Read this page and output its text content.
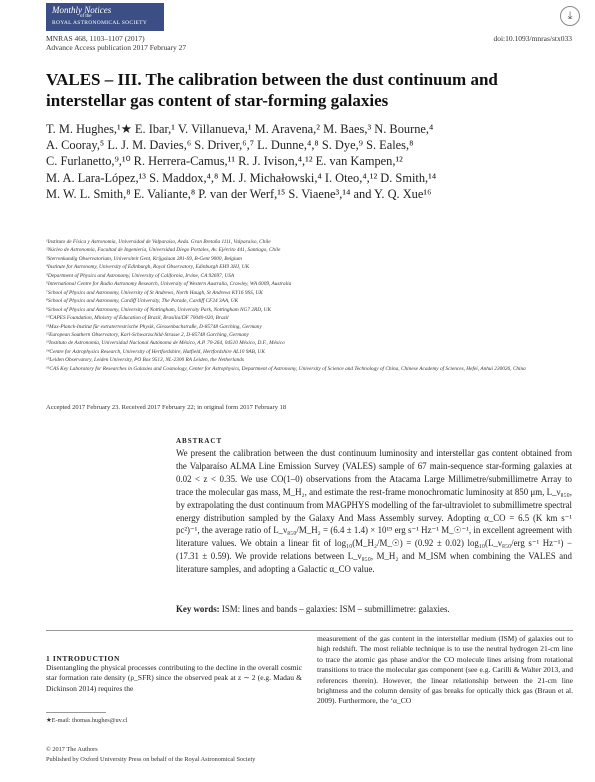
Monthly Notices
of the
ROYAL ASTRONOMICAL SOCIETY
⤓
MNRAS 468, 1103–1107 (2017)
Advance Access publication 2017 February 27
doi:10.1093/mnras/stx033
VALES – III. The calibration between the dust continuum and interstellar gas content of star-forming galaxies
T. M. Hughes,¹★ E. Ibar,¹ V. Villanueva,¹ M. Aravena,² M. Baes,³ N. Bourne,⁴
A. Cooray,⁵ L. J. M. Davies,⁶ S. Driver,⁶,⁷ L. Dunne,⁴,⁸ S. Dye,⁹ S. Eales,⁸
C. Furlanetto,⁹,¹⁰ R. Herrera-Camus,¹¹ R. J. Ivison,⁴,¹² E. van Kampen,¹²
M. A. Lara-López,¹³ S. Maddox,⁴,⁸ M. J. Michałowski,⁴ I. Oteo,⁴,¹² D. Smith,¹⁴
M. W. L. Smith,⁸ E. Valiante,⁸ P. van der Werf,¹⁵ S. Viaene³,¹⁴ and Y. Q. Xue¹⁶
¹Instituto de Física y Astronomía, Universidad de Valparaíso, Avda. Gran Bretaña 1111, Valparaíso, Chile
²Núcleo de Astronomía, Facultad de Ingeniería, Universidad Diego Portales, Av. Ejército 441, Santiago, Chile
³Sterrenkundig Observatorium, Universiteit Gent, Krijgslaan 281-S9, B-Gent 9000, Belgium
⁴Institute for Astronomy, University of Edinburgh, Royal Observatory, Edinburgh EH9 3HJ, UK
⁵Department of Physics and Astronomy, University of California, Irvine, CA 92697, USA
⁶International Centre for Radio Astronomy Research, University of Western Australia, Crawley, WA 6009, Australia
⁷School of Physics and Astronomy, University of St Andrews, North Haugh, St Andrews KY16 9SS, UK
⁸School of Physics and Astronomy, Cardiff University, The Parade, Cardiff CF24 3AA, UK
⁹School of Physics and Astronomy, University of Nottingham, University Park, Nottingham NG7 2RD, UK
¹⁰CAPES Foundation, Ministry of Education of Brazil, Brasília/DF 70040-020, Brazil
¹¹Max-Planck-Institut für extraterrestrische Physik, Giessenbachstraße, D-85748 Garching, Germany
¹²European Southern Observatory, Karl-Schwarzschild-Strasse 2, D-85748 Garching, Germany
¹³Instituto de Astronomía, Universidad Nacional Autónoma de México, A.P. 70-264, 04510 México, D.F., México
¹⁴Centre for Astrophysics Research, University of Hertfordshire, Hatfield, Hertfordshire AL10 9AB, UK
¹⁵Leiden Observatory, Leiden University, PO Box 9513, NL-2300 RA Leiden, the Netherlands
¹⁶CAS Key Laboratory for Researches in Galaxies and Cosmology, Center for Astrophysics, Department of Astronomy, University of Science and Technology of China, Chinese Academy of Sciences, Hefei, Anhui 230026, China
Accepted 2017 February 23. Received 2017 February 22; in original form 2017 February 18
ABSTRACT
We present the calibration between the dust continuum luminosity and interstellar gas content obtained from the Valparaíso ALMA Line Emission Survey (VALES) sample of 67 main-sequence star-forming galaxies at 0.02 < z < 0.35. We use CO(1–0) observations from the Atacama Large Millimetre/submillimetre Array to trace the molecular gas mass, M_H₂, and estimate the rest-frame monochromatic luminosity at 850 μm, L_ν₈₅₀, by extrapolating the dust continuum from MAGPHYS modelling of the far-ultraviolet to submillimetre spectral energy distribution sampled by the Galaxy And Mass Assembly survey. Adopting α_CO = 6.5 (K km s⁻¹ pc²)⁻¹, the average ratio of L_ν₈₅₀/M_H₂ = (6.4 ± 1.4) × 10¹⁹ erg s⁻¹ Hz⁻¹ M_☉⁻¹, in excellent agreement with literature values. We obtain a linear fit of log₁₀(M_H₂/M_☉) = (0.92 ± 0.02) log₁₀(L_ν₈₅₀/erg s⁻¹ Hz⁻¹) − (17.31 ± 0.59). We provide relations between L_ν₈₅₀, M_H₂ and M_ISM when combining the VALES and literature samples, and adopting a Galactic α_CO value.
Key words: ISM: lines and bands – galaxies: ISM – submillimetre: galaxies.
1 INTRODUCTION
Disentangling the physical processes contributing to the decline in the overall cosmic star formation rate density (ρ_SFR) since the observed peak at z ∼ 2 (e.g. Madau & Dickinson 2014) requires the
measurement of the gas content in the interstellar medium (ISM) of galaxies out to high redshift. The most reliable technique is to use the neutral hydrogen 21-cm line to trace the atomic gas phase and/or the CO molecule lines arising from rotational transitions to trace the molecular gas component (see e.g. Carilli & Walter 2013, and references therein). However, the linear relationship between the 21-cm line brightness and the column density of gas breaks for optically thick gas (Braun et al. 2009). Furthermore, the ‘α_CO
★E-mail: thomas.hughes@uv.cl
© 2017 The Authors
Published by Oxford University Press on behalf of the Royal Astronomical Society
